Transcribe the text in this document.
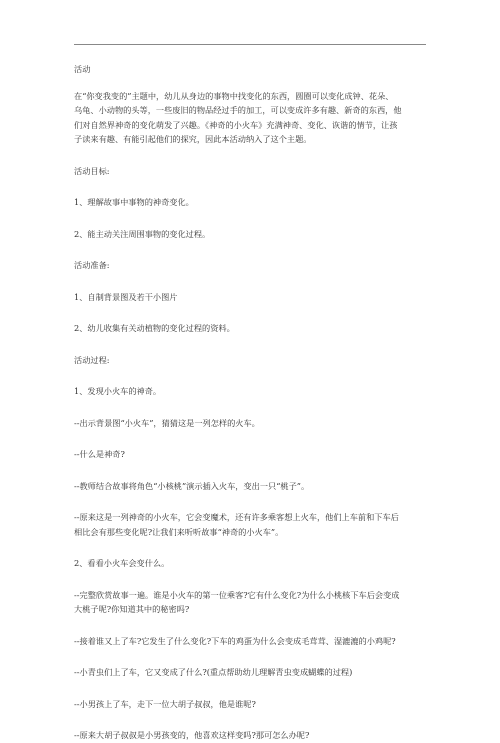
活动

在“你变我变的”主题中，幼儿从身边的事物中找变化的东西，圆圈可以变化成钟、花朵、

乌龟、小动物的头等，一些废旧的物品经过手的加工，可以变成许多有趣、新奇的东西，他

们对自然界神奇的变化萌发了兴趣。《神奇的小火车》充满神奇、变化、诙谐的情节，让孩

子读来有趣、有能引起他们的探究，因此本活动纳入了这个主题。

活动目标:

1、理解故事中事物的神奇变化。

2、能主动关注周围事物的变化过程。

活动准备:

1、自制背景图及若干小图片

2、幼儿收集有关动植物的变化过程的资料。

活动过程:

1、发现小火车的神奇。

--出示背景图“小火车”，猜猜这是一列怎样的火车。

--什么是神奇?

--教师结合故事将角色“小核桃”演示插入火车，变出一只“桃子”。

--原来这是一列神奇的小火车，它会变魔术，还有许多乘客想上火车，他们上车前和下车后

相比会有那些变化呢?让我们来听听故事“神奇的小火车”。

2、看看小火车会变什么。

--完整欣赏故事一遍。谁是小火车的第一位乘客?它有什么变化?为什么小桃核下车后会变成

大桃子呢?你知道其中的秘密吗?

--接着谁又上了车?它发生了什么变化?下车的鸡蛋为什么会变成毛茸茸、湿漉漉的小鸡呢?

--小青虫们上了车，它又变成了什么?(重点帮助幼儿理解青虫变成蝴蝶的过程)

--小男孩上了车，走下一位大胡子叔叔，他是谁呢?

--原来大胡子叔叔是小男孩变的，他喜欢这样变吗?那可怎么办呢?
